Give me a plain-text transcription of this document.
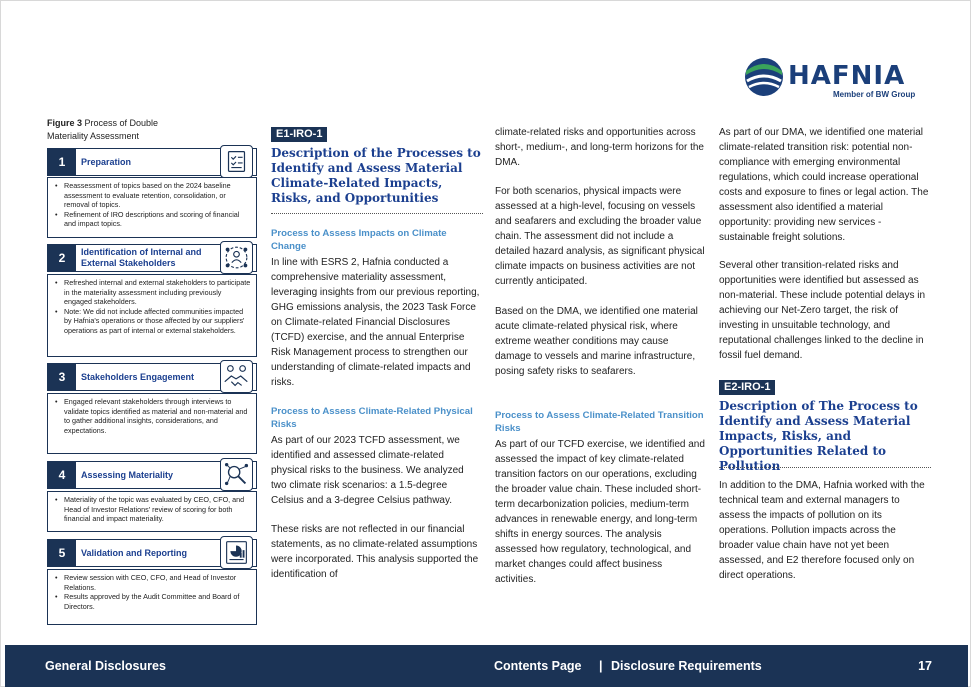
HAFNIA
Member of BW Group
Figure 3 Process of Double
Materiality Assessment
1	Preparation
• Reassessment of topics based on the 2024 baseline assessment to evaluate retention, consolidation, or removal of topics.
• Refinement of IRO descriptions and scoring of financial and impact topics.
2	Identification of Internal and External Stakeholders
• Refreshed internal and external stakeholders to participate in the materiality assessment including previously engaged stakeholders.
• Note: We did not include affected communities impacted by Hafnia's operations or those affected by our suppliers' operations as part of internal or external stakeholders.
3	Stakeholders Engagement
• Engaged relevant stakeholders through interviews to validate topics identified as material and non-material and to gather additional insights, considerations, and expectations.
4	Assessing Materiality
• Materiality of the topic was evaluated by CEO, CFO, and Head of Investor Relations' review of scoring for both financial and impact materiality.
5	Validation and Reporting
• Review session with CEO, CFO, and Head of Investor Relations.
• Results approved by the Audit Committee and Board of Directors.
E1-IRO-1
Description of the Processes to Identify and Assess Material Climate-Related Impacts, Risks, and Opportunities
Process to Assess Impacts on Climate Change
In line with ESRS 2, Hafnia conducted a comprehensive materiality assessment, leveraging insights from our previous reporting, GHG emissions analysis, the 2023 Task Force on Climate-related Financial Disclosures (TCFD) exercise, and the annual Enterprise Risk Management process to strengthen our understanding of climate-related impacts and risks.
Process to Assess Climate-Related Physical Risks
As part of our 2023 TCFD assessment, we identified and assessed climate-related physical risks to the business. We analyzed two climate risk scenarios: a 1.5-degree Celsius and a 3-degree Celsius pathway.
These risks are not reflected in our financial statements, as no climate-related assumptions were incorporated. This analysis supported the identification of
climate-related risks and opportunities across short-, medium-, and long-term horizons for the DMA.
For both scenarios, physical impacts were assessed at a high-level, focusing on vessels and seafarers and excluding the broader value chain. The assessment did not include a detailed hazard analysis, as significant physical climate impacts on business activities are not currently anticipated.
Based on the DMA, we identified one material acute climate-related physical risk, where extreme weather conditions may cause damage to vessels and marine infrastructure, posing safety risks to seafarers.
Process to Assess Climate-Related Transition Risks
As part of our TCFD exercise, we identified and assessed the impact of key climate-related transition factors on our operations, excluding the broader value chain. These included short-term decarbonization policies, medium-term advances in renewable energy, and long-term shifts in energy sources. The analysis assessed how regulatory, technological, and market changes could affect business activities.
As part of our DMA, we identified one material climate-related transition risk: potential non-compliance with emerging environmental regulations, which could increase operational costs and exposure to fines or legal action. The assessment also identified a material opportunity: providing new services - sustainable freight solutions.
Several other transition-related risks and opportunities were identified but assessed as non-material. These include potential delays in achieving our Net-Zero target, the risk of investing in unsuitable technology, and reputational challenges linked to the decline in fossil fuel demand.
E2-IRO-1
Description of The Process to Identify and Assess Material Impacts, Risks, and Opportunities Related to Pollution
In addition to the DMA, Hafnia worked with the technical team and external managers to assess the impacts of pollution on its operations. Pollution impacts across the broader value chain have not yet been assessed, and E2 therefore focused only on direct operations.
General Disclosures	Contents Page | Disclosure Requirements	17
